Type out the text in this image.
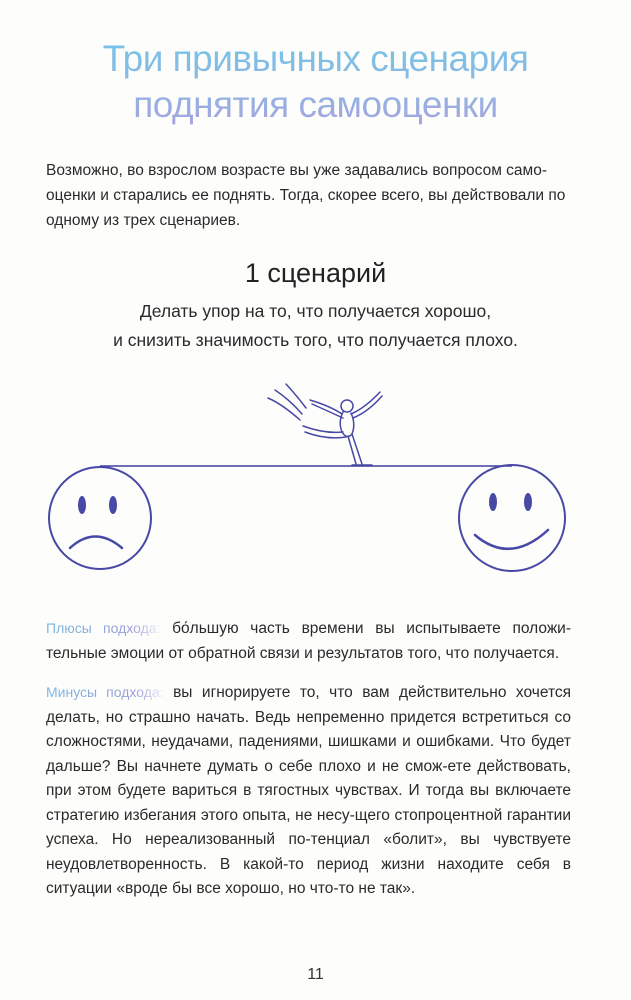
Три привычных сценария
поднятия самооценки
Возможно, во взрослом возрасте вы уже задавались вопросом само-оценки и старались ее поднять. Тогда, скорее всего, вы действовали по одному из трех сценариев.
1 сценарий
Делать упор на то, что получается хорошо,
и снизить значимость того, что получается плохо.
Плюсы подхода: бо́льшую часть времени вы испытываете положи-тельные эмоции от обратной связи и результатов того, что получается.
Минусы подхода: вы игнорируете то, что вам действительно хочется делать, но страшно начать. Ведь непременно придется встретиться со сложностями, неудачами, падениями, шишками и ошибками. Что будет дальше? Вы начнете думать о себе плохо и не смож-ете действовать, при этом будете вариться в тягостных чувствах. И тогда вы включаете стратегию избегания этого опыта, не несу-щего стопроцентной гарантии успеха. Но нереализованный по-тенциал «болит», вы чувствуете неудовлетворенность. В какой-то период жизни находите себя в ситуации «вроде бы все хорошо, но что-то не так».
11
